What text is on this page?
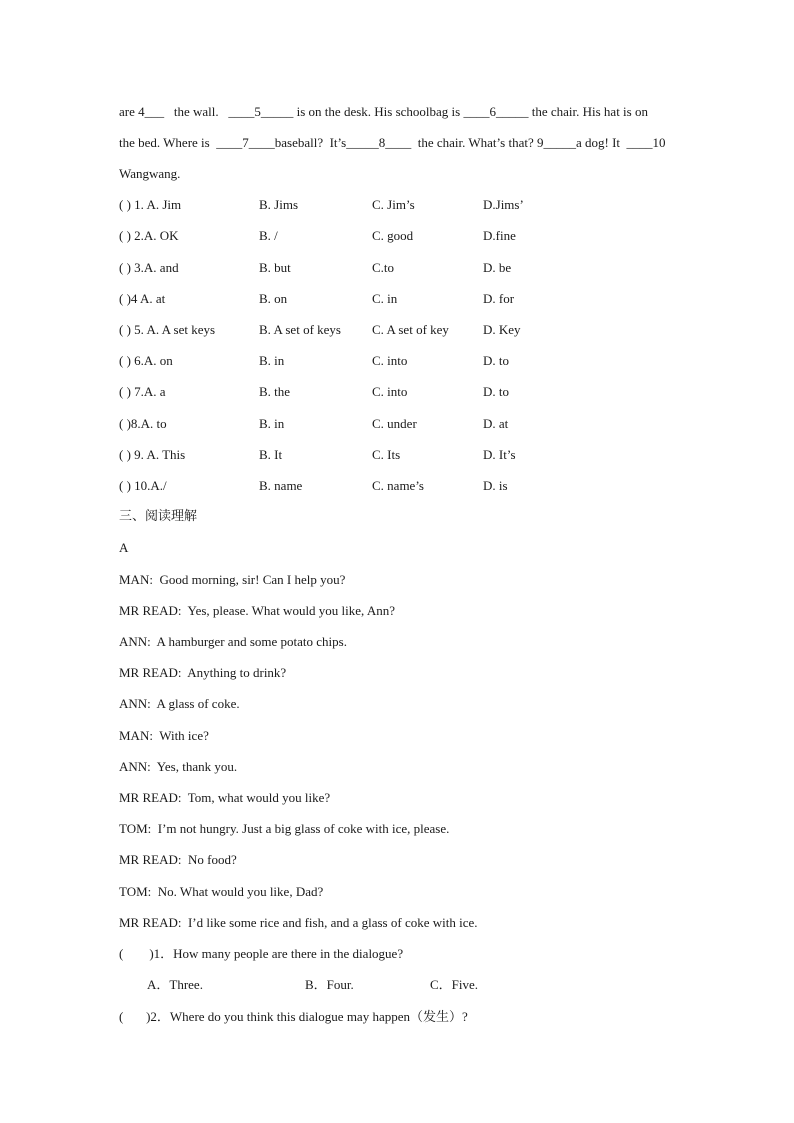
are 4___   the wall.   ____5_____ is on the desk. His schoolbag is ____6_____ the chair. His hat is on
the bed. Where is  ____7____baseball?  It’s_____8____  the chair. What’s that? 9_____a dog! It  ____10
Wangwang.
( ) 1. A. Jim	B. Jims	C. Jim’s	D.Jims’
( ) 2.A. OK	B. /	C. good	D.fine
( ) 3.A. and	B. but	C.to	D. be
( )4 A. at	B. on	C. in	D. for
( ) 5. A. A set keys	B. A set of keys C. A set of key	D. Key
( ) 6.A. on	B. in	C. into	D. to
( ) 7.A. a	B. the	C. into	D. to
( )8.A. to	B. in	C. under	D. at
( ) 9. A. This	B. It	C. Its	D. It’s
( ) 10.A./	B. name	C. name’s	D. is
三、阅读理解
A
MAN:  Good morning, sir! Can I help you?
MR READ:  Yes, please. What would you like, Ann?
ANN:  A hamburger and some potato chips.
MR READ:  Anything to drink?
ANN:  A glass of coke.
MAN:  With ice?
ANN:  Yes, thank you.
MR READ:  Tom, what would you like?
TOM:  I’m not hungry. Just a big glass of coke with ice, please.
MR READ:  No food?
TOM:  No. What would you like, Dad?
MR READ:  I’d like some rice and fish, and a glass of coke with ice.
(        )1．How many people are there in the dialogue?
A．Three.	B．Four.	C．Five.
(       )2．Where do you think this dialogue may happen（发生）?
